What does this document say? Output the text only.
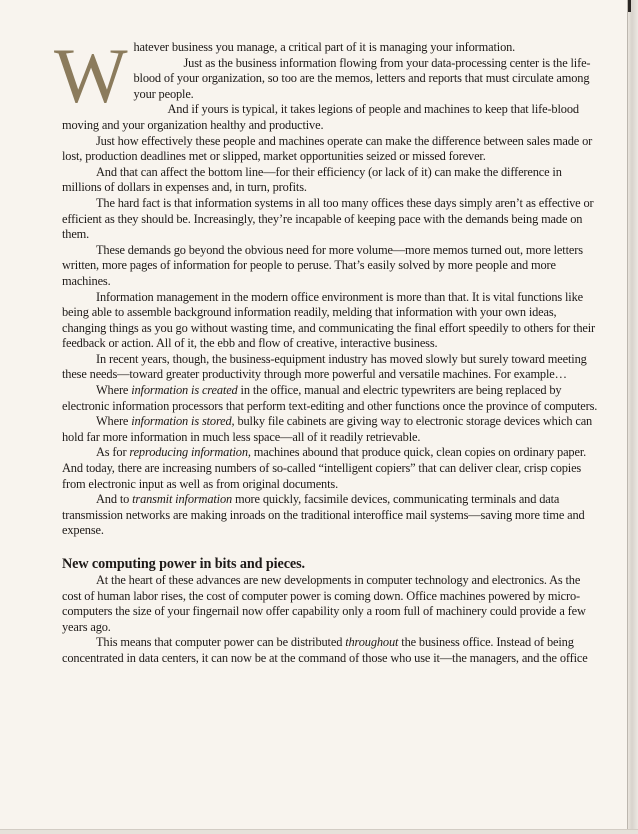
W hatever business you manage, a critical part of it is managing your information.

Just as the business information flowing from your data-processing center is the life-blood of your organization, so too are the memos, letters and reports that must circulate among your people.

And if yours is typical, it takes legions of people and machines to keep that life-blood moving and your organization healthy and productive.

Just how effectively these people and machines operate can make the difference between sales made or lost, production deadlines met or slipped, market opportunities seized or missed forever.

And that can affect the bottom line—for their efficiency (or lack of it) can make the difference in millions of dollars in expenses and, in turn, profits.

The hard fact is that information systems in all too many offices these days simply aren’t as effective or efficient as they should be. Increasingly, they’re incapable of keeping pace with the demands being made on them.

These demands go beyond the obvious need for more volume—more memos turned out, more letters written, more pages of information for people to peruse. That’s easily solved by more people and more machines.

Information management in the modern office environment is more than that. It is vital functions like being able to assemble background information readily, melding that information with your own ideas, changing things as you go without wasting time, and communicating the final effort speedily to others for their feedback or action. All of it, the ebb and flow of creative, interactive business.

In recent years, though, the business-equipment industry has moved slowly but surely toward meeting these needs—toward greater productivity through more powerful and versatile machines. For example…

Where information is created in the office, manual and electric typewriters are being replaced by electronic information processors that perform text-editing and other functions once the province of computers.

Where information is stored, bulky file cabinets are giving way to electronic storage devices which can hold far more information in much less space—all of it readily retrievable.

As for reproducing information, machines abound that produce quick, clean copies on ordinary paper. And today, there are increasing numbers of so-called “intelligent copiers” that can deliver clear, crisp copies from electronic input as well as from original documents.

And to transmit information more quickly, facsimile devices, communicating terminals and data transmission networks are making inroads on the traditional interoffice mail systems—saving more time and expense.

New computing power in bits and pieces.

At the heart of these advances are new developments in computer technology and electronics. As the cost of human labor rises, the cost of computer power is coming down. Office machines powered by micro-computers the size of your fingernail now offer capability only a room full of machinery could provide a few years ago.

This means that computer power can be distributed throughout the business office. Instead of being concentrated in data centers, it can now be at the command of those who use it—the managers, and the office
